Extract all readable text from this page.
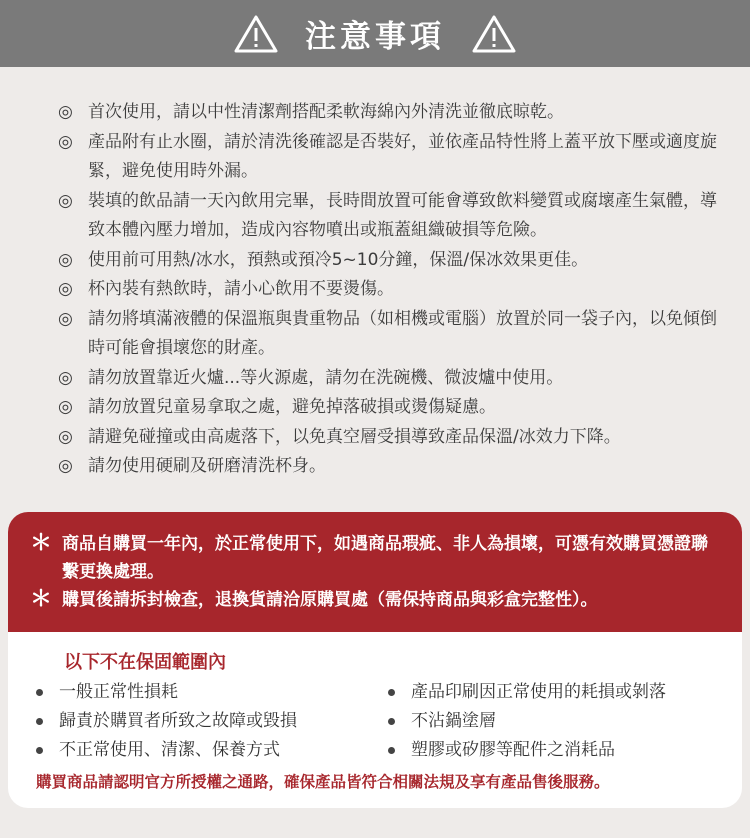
注意事項
◎ 首次使用，請以中性清潔劑搭配柔軟海綿內外清洗並徹底晾乾。
◎ 產品附有止水圈，請於清洗後確認是否裝好，並依產品特性將上蓋平放下壓或適度旋緊，避免使用時外漏。
◎ 裝填的飲品請一天內飲用完畢，長時間放置可能會導致飲料變質或腐壞產生氣體，導致本體內壓力增加，造成內容物噴出或瓶蓋組織破損等危險。
◎ 使用前可用熱/冰水，預熱或預冷5~10分鐘，保溫/保冰效果更佳。
◎ 杯內裝有熱飲時，請小心飲用不要燙傷。
◎ 請勿將填滿液體的保溫瓶與貴重物品（如相機或電腦）放置於同一袋子內，以免傾倒時可能會損壞您的財產。
◎ 請勿放置靠近火爐...等火源處，請勿在洗碗機、微波爐中使用。
◎ 請勿放置兒童易拿取之處，避免掉落破損或燙傷疑慮。
◎ 請避免碰撞或由高處落下，以免真空層受損導致產品保溫/冰效力下降。
◎ 請勿使用硬刷及研磨清洗杯身。
＊ 商品自購買一年內，於正常使用下，如遇商品瑕疵、非人為損壞，可憑有效購買憑證聯繫更換處理。
＊ 購買後請拆封檢查，退換貨請洽原購買處（需保持商品與彩盒完整性）。
以下不在保固範圍內
一般正常性損耗
歸責於購買者所致之故障或毀損
不正常使用、清潔、保養方式
產品印刷因正常使用的耗損或剝落
不沾鍋塗層
塑膠或矽膠等配件之消耗品
購買商品請認明官方所授權之通路，確保產品皆符合相關法規及享有產品售後服務。
